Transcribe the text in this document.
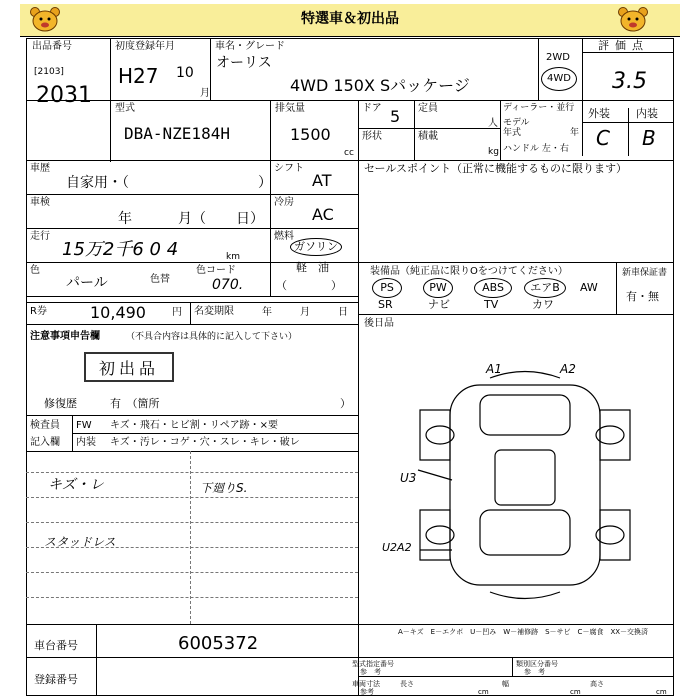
特選車＆初出品
出品番号
[2103]
2031
初度登録年月
H27 10
月
車名・グレード
オーリス
4WD 150X Sパッケージ
2WD
4WD
評価点
3.5
型式
DBA-NZE184H
排気量
1500
cc
ドア 5
形状
定員
人
積載
kg
ディーラー・並行
モデル
年式	年
ハンドル 左・右
外装 内装
C B
車歴
自家用・（	）
シフト
AT
車検
年	月（ 日）
冷房
AC
走行
15万2千6 0 4	km
燃料
ガソリン
軽　油
（　　　　）
色
パール	色替
色コード
070.
R券	10,490	円 名変期限	年	月	日
セールスポイント（正常に機能するものに限ります）
装備品（純正品に限りOをつけてください）	新車保証書
有・無
PS	PW	ABS	エアB	AW
SR	ナビ	TV	カワ
後日品
注意事項申告欄	（不具合内容は具体的に記入して下さい）
初出品
修復歴	有　（箇所	）
検査員
記入欄
FW キズ・飛石・ヒビ割・リペア跡・×要
内装 キズ・汚レ・コゲ・穴・スレ・キレ・破レ
キズ・レ	下廻りS.
スタッドレス
A1	A2
U3
U2A2
A－キズ　E－エクボ　U－凹み　W－補修跡　S－サビ　C－腐食　XX－交換済
車台番号	6005372
登録番号
型式指定番号
参　考
類別区分番号
参　考
車両寸法
参考
長さ
cm
幅
cm
高さ
cm
